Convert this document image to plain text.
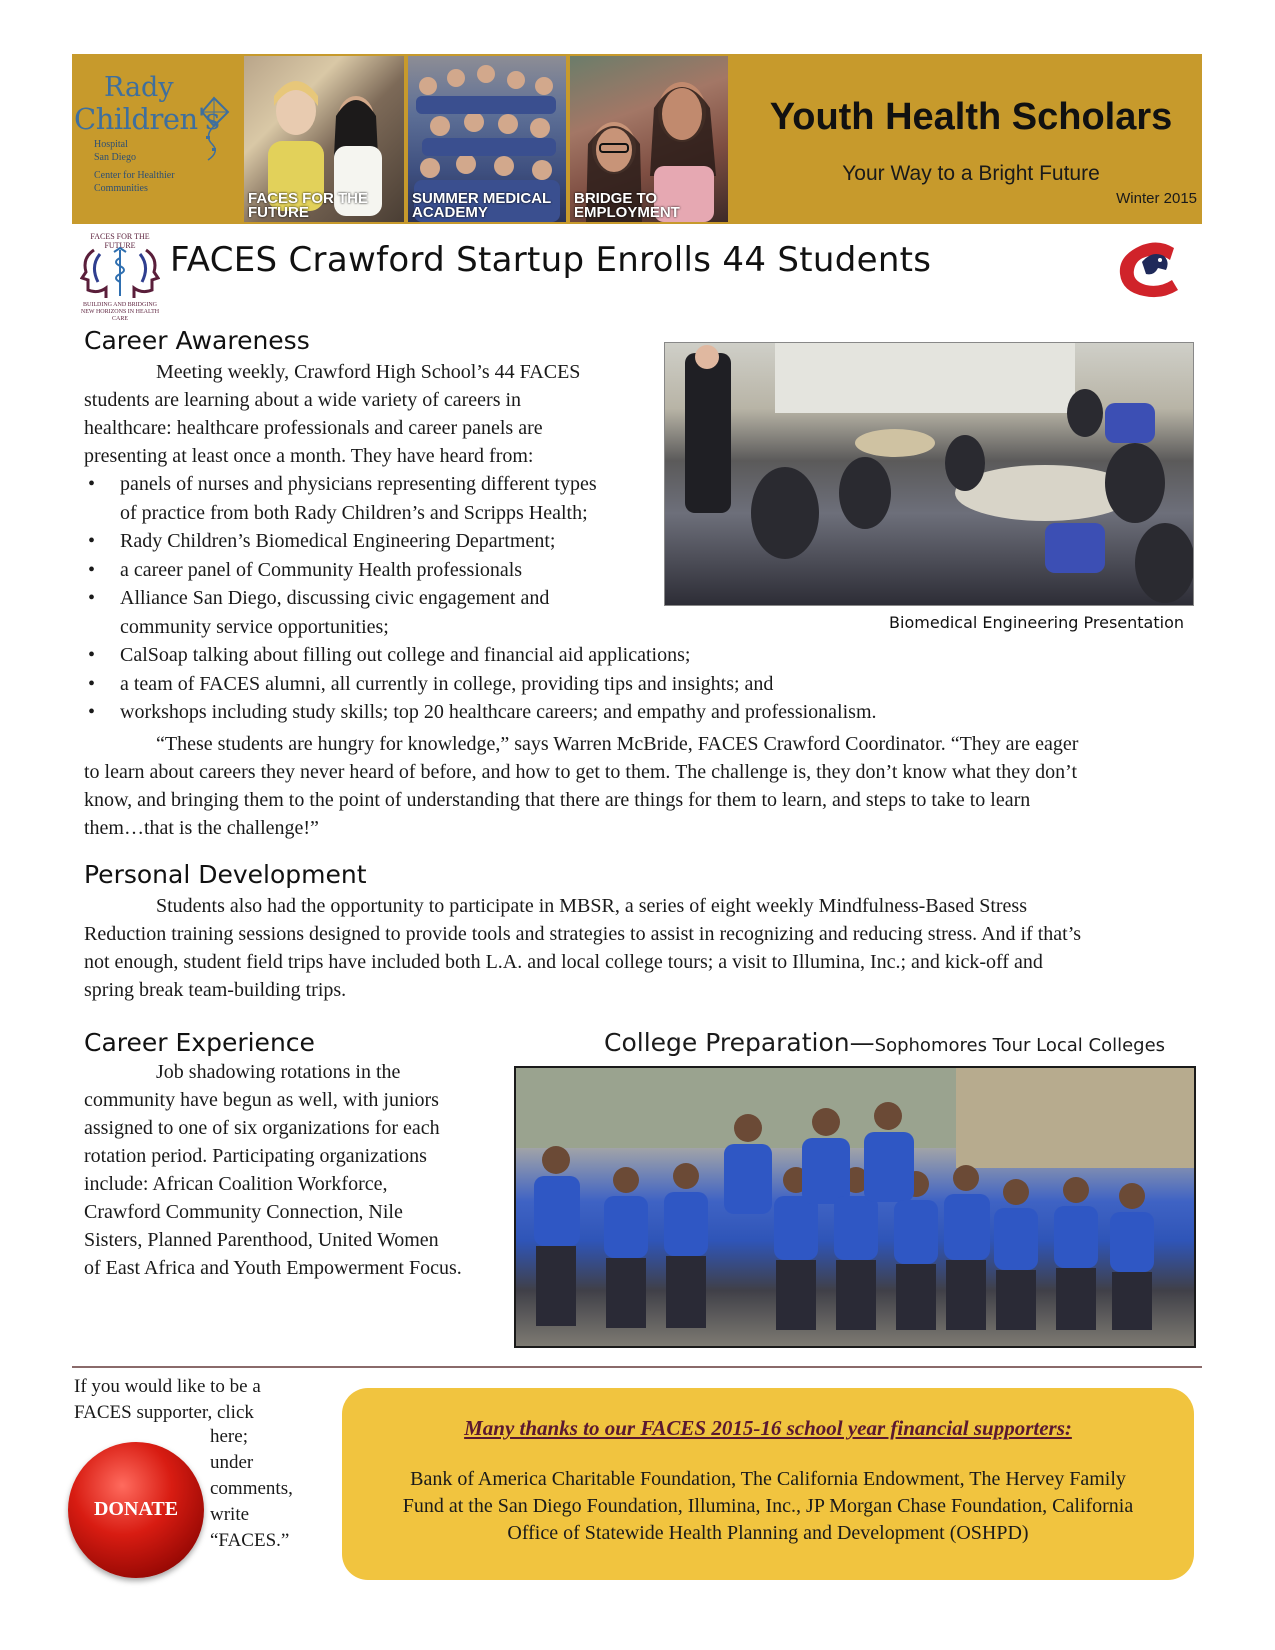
Rady
Children's
Hospital
San Diego
Center for Healthier
Communities
FACES FOR THE
FUTURE
SUMMER MEDICAL
ACADEMY
BRIDGE TO
EMPLOYMENT
Youth Health Scholars
Your Way to a Bright Future
Winter 2015
FACES FOR THE FUTURE
BUILDING AND BRIDGING
NEW HORIZONS IN HEALTH CARE
FACES Crawford Startup Enrolls 44 Students
Career Awareness
Meeting weekly, Crawford High School’s 44 FACES
students are learning about a wide variety of careers in
healthcare: healthcare professionals and career panels are
presenting at least once a month. They have heard from:
• panels of nurses and physicians representing different types
of practice from both Rady Children’s and Scripps Health;
• Rady Children’s Biomedical Engineering Department;
• a career panel of Community Health professionals
• Alliance San Diego, discussing civic engagement and
community service opportunities;
• CalSoap talking about filling out college and financial aid applications;
• a team of FACES alumni, all currently in college, providing tips and insights; and
• workshops including study skills; top 20 healthcare careers; and empathy and professionalism.
“These students are hungry for knowledge,” says Warren McBride, FACES Crawford Coordinator. “They are eager
to learn about careers they never heard of before, and how to get to them. The challenge is, they don’t know what they don’t
know, and bringing them to the point of understanding that there are things for them to learn, and steps to take to learn
them…that is the challenge!”
Biomedical Engineering Presentation
Personal Development
Students also had the opportunity to participate in MBSR, a series of eight weekly Mindfulness-Based Stress
Reduction training sessions designed to provide tools and strategies to assist in recognizing and reducing stress. And if that’s
not enough, student field trips have included both L.A. and local college tours; a visit to Illumina, Inc.; and kick-off and
spring break team-building trips.
Career Experience
Job shadowing rotations in the
community have begun as well, with juniors
assigned to one of six organizations for each
rotation period. Participating organizations
include: African Coalition Workforce,
Crawford Community Connection, Nile
Sisters, Planned Parenthood, United Women
of East Africa and Youth Empowerment Focus.
College Preparation—Sophomores Tour Local Colleges
If you would like to be a
FACES supporter, click
here;
under
comments,
write
“FACES.”
DONATE
Many thanks to our FACES 2015-16 school year financial supporters:
Bank of America Charitable Foundation, The California Endowment, The Hervey Family
Fund at the San Diego Foundation, Illumina, Inc., JP Morgan Chase Foundation, California
Office of Statewide Health Planning and Development (OSHPD)
